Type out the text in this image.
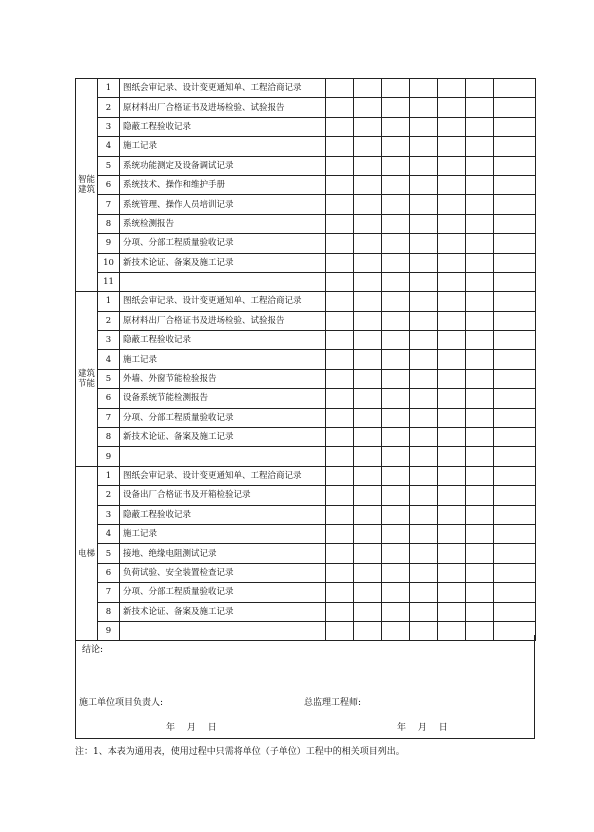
智能建筑	1	图纸会审记录、设计变更通知单、工程洽商记录							
	2	原材料出厂合格证书及进场检验、试验报告							
	3	隐蔽工程验收记录							
	4	施工记录							
	5	系统功能测定及设备调试记录							
	6	系统技术、操作和维护手册							
	7	系统管理、操作人员培训记录							
	8	系统检测报告							
	9	分项、分部工程质量验收记录							
	10	新技术论证、备案及施工记录							
	11								
建筑节能	1	图纸会审记录、设计变更通知单、工程洽商记录							
	2	原材料出厂合格证书及进场检验、试验报告							
	3	隐蔽工程验收记录							
	4	施工记录							
	5	外墙、外窗节能检验报告							
	6	设备系统节能检测报告							
	7	分项、分部工程质量验收记录							
	8	新技术论证、备案及施工记录							
	9								
电梯	1	图纸会审记录、设计变更通知单、工程洽商记录							
	2	设备出厂合格证书及开箱检验记录							
	3	隐蔽工程验收记录							
	4	施工记录							
	5	接地、绝缘电阻测试记录							
	6	负荷试验、安全装置检查记录							
	7	分项、分部工程质量验收记录							
	8	新技术论证、备案及施工记录							
	9								
结论:
施工单位项目负责人:	总监理工程师:
年 月 日	年 月 日
注：1、本表为通用表，使用过程中只需将单位（子单位）工程中的相关项目列出。
